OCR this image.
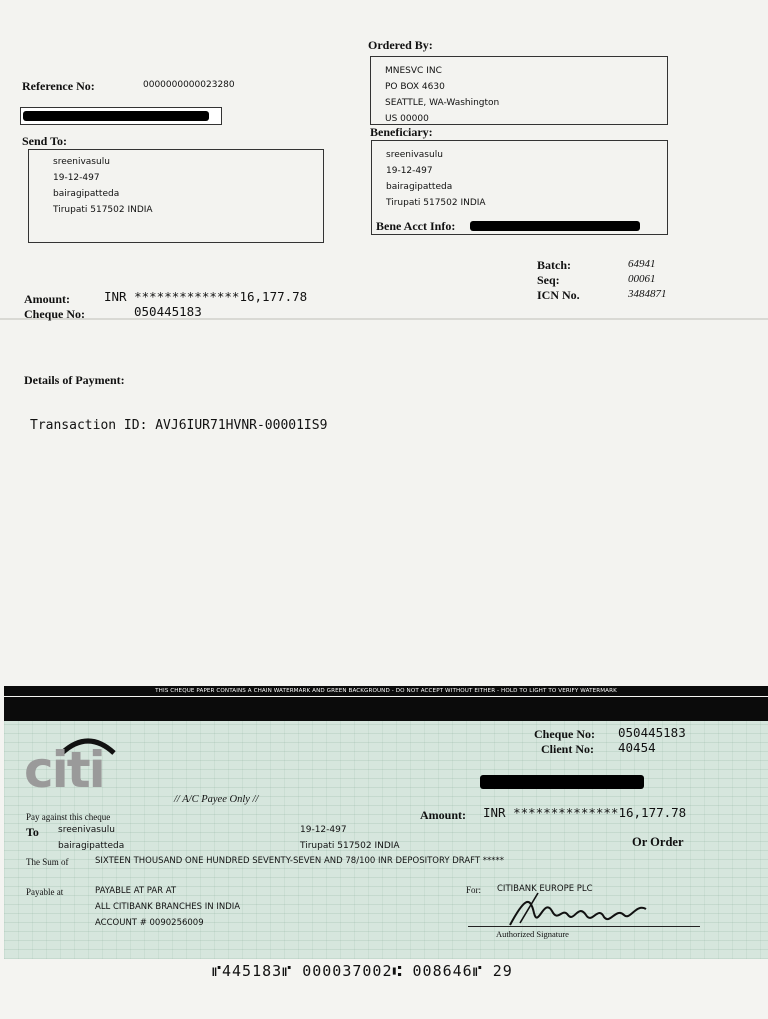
Ordered By:
MNESVC INC
PO BOX 4630
SEATTLE, WA-Washington
US 00000
Reference No:	0000000000023280
Send To:
sreenivasulu
19-12-497
bairagipatteda
Tirupati 517502 INDIA
Beneficiary:
sreenivasulu
19-12-497
bairagipatteda
Tirupati 517502 INDIA
Bene Acct Info:
Batch:	64941
Seq:	00061
ICN No.	3484871
Amount:	INR **************16,177.78
Cheque No:	050445183
Details of Payment:
Transaction ID: AVJ6IUR71HVNR-00001IS9
THIS CHEQUE PAPER CONTAINS A CHAIN WATERMARK AND GREEN BACKGROUND - DO NOT ACCEPT WITHOUT EITHER - HOLD TO LIGHT TO VERIFY WATERMARK
citi
Cheque No: 050445183
Client No: 40454
// A/C Payee Only //
Amount: INR **************16,177.78
Pay against this cheque
To sreenivasulu
bairagipatteda
19-12-497
Tirupati 517502 INDIA	Or Order
The Sum of	SIXTEEN THOUSAND ONE HUNDRED SEVENTY-SEVEN AND 78/100 INR DEPOSITORY DRAFT *****
Payable at	PAYABLE AT PAR AT
ALL CITIBANK BRANCHES IN INDIA
ACCOUNT # 0090256009
For: CITIBANK EUROPE PLC
Authorized Signature
⑈445183⑈ 000037002⑆ 008646⑈ 29
